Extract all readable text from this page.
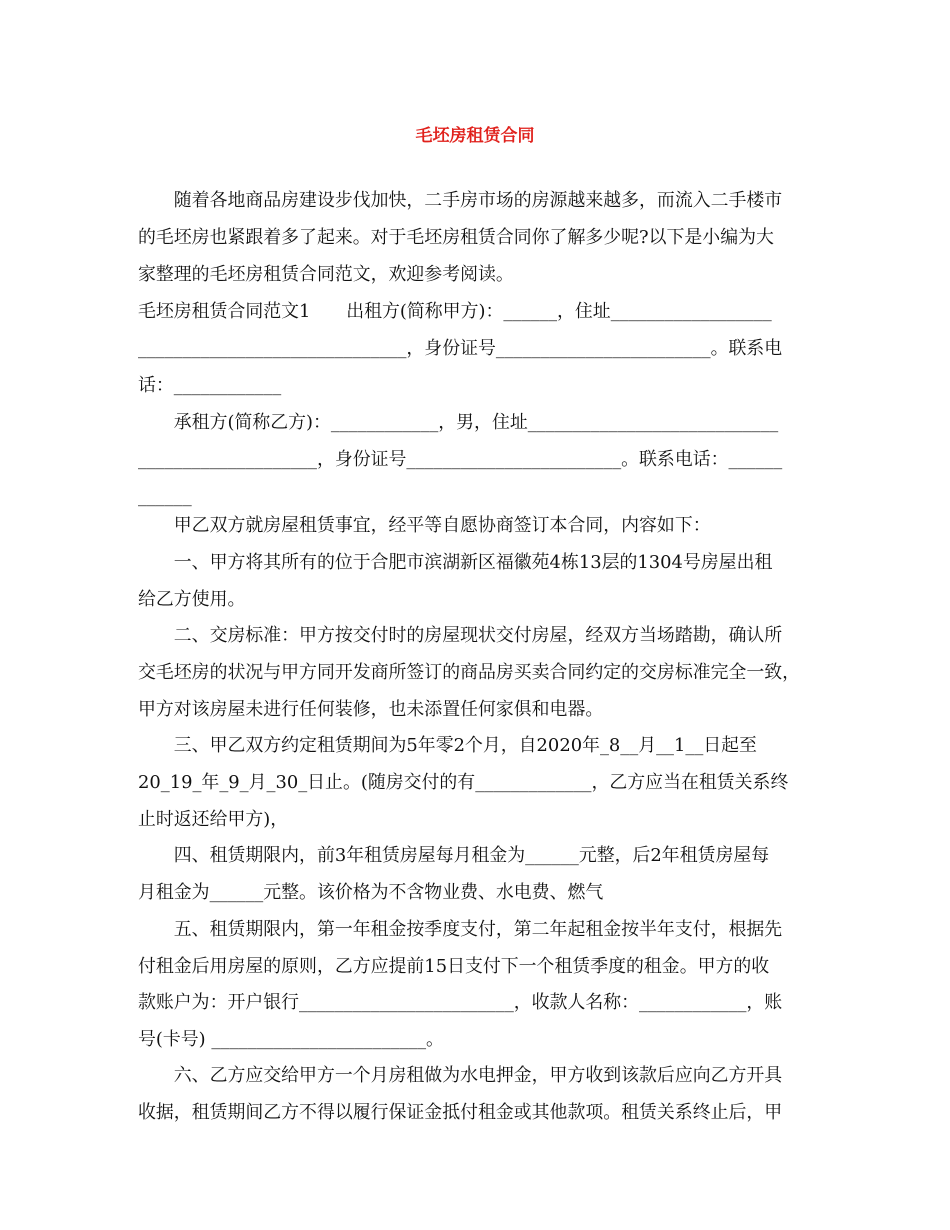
毛坯房租赁合同
　　随着各地商品房建设步伐加快，二手房市场的房源越来越多，而流入二手楼市
的毛坯房也紧跟着多了起来。对于毛坯房租赁合同你了解多少呢?以下是小编为大
家整理的毛坯房租赁合同范文，欢迎参考阅读。
毛坯房租赁合同范文1　　出租方(简称甲方)：______，住址__________________
______________________________，身份证号________________________。联系电
话：____________
　　承租方(简称乙方)：____________，男，住址____________________________
____________________，身份证号________________________。联系电话：______
______
　　甲乙双方就房屋租赁事宜，经平等自愿协商签订本合同，内容如下：
　　一、甲方将其所有的位于合肥市滨湖新区福徽苑4栋13层的1304号房屋出租
给乙方使用。
　　二、交房标准：甲方按交付时的房屋现状交付房屋，经双方当场踏勘，确认所
交毛坯房的状况与甲方同开发商所签订的商品房买卖合同约定的交房标准完全一致，
甲方对该房屋未进行任何装修，也未添置任何家俱和电器。
　　三、甲乙双方约定租赁期间为5年零2个月，自2020年_8__月__1__日起至
20_19_年_9_月_30_日止。(随房交付的有_____________，乙方应当在租赁关系终
止时返还给甲方)，
　　四、租赁期限内，前3年租赁房屋每月租金为______元整，后2年租赁房屋每
月租金为______元整。该价格为不含物业费、水电费、燃气
　　五、租赁期限内，第一年租金按季度支付，第二年起租金按半年支付，根据先
付租金后用房屋的原则，乙方应提前15日支付下一个租赁季度的租金。甲方的收
款账户为：开户银行________________________，收款人名称：____________，账
号(卡号) ________________________。
　　六、乙方应交给甲方一个月房租做为水电押金，甲方收到该款后应向乙方开具
收据，租赁期间乙方不得以履行保证金抵付租金或其他款项。租赁关系终止后，甲
